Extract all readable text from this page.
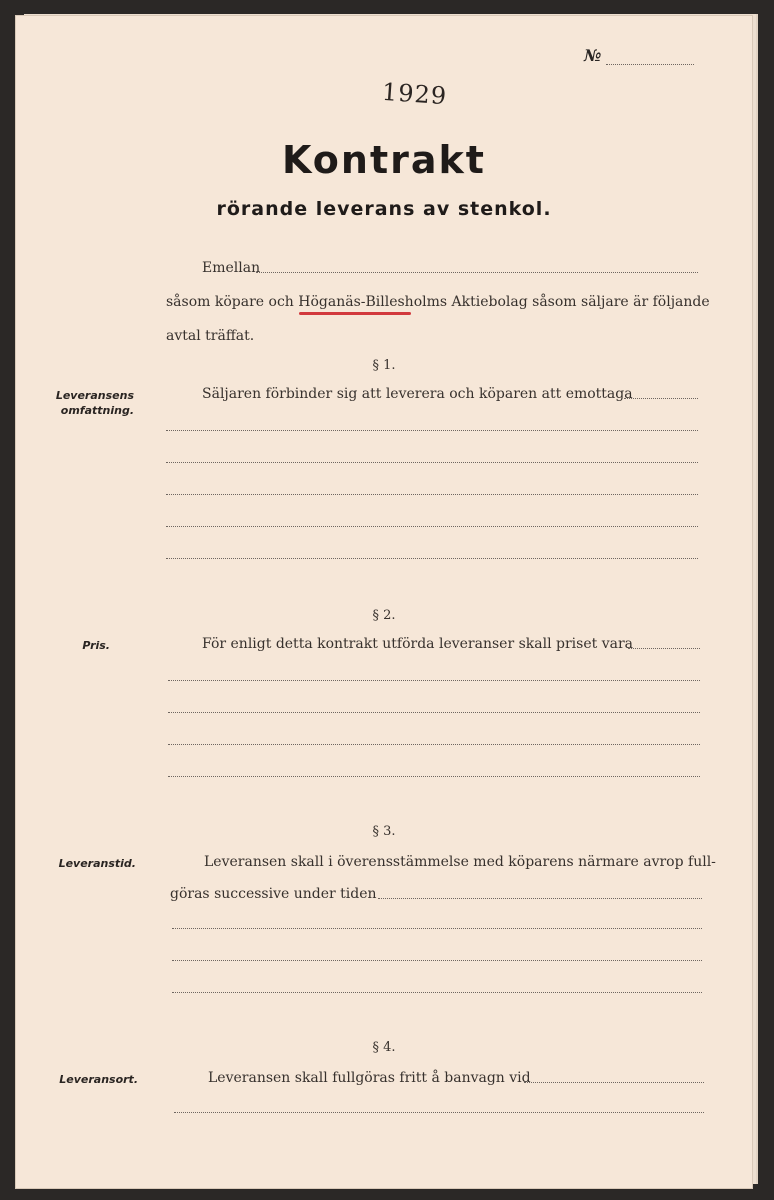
№
1929
Kontrakt
rörande leverans av stenkol.
Emellan
såsom köpare och Höganäs-Billesholms Aktiebolag såsom säljare är följande
avtal träffat.
§ 1.
Leveransens
omfattning.
Säljaren förbinder sig att leverera och köparen att emottaga
§ 2.
Pris.	För enligt detta kontrakt utförda leveranser skall priset vara
§ 3.
Leveranstid.	Leveransen skall i överensstämmelse med köparens närmare avrop full-
göras successive under tiden
§ 4.
Leveransort.	Leveransen skall fullgöras fritt å banvagn vid
